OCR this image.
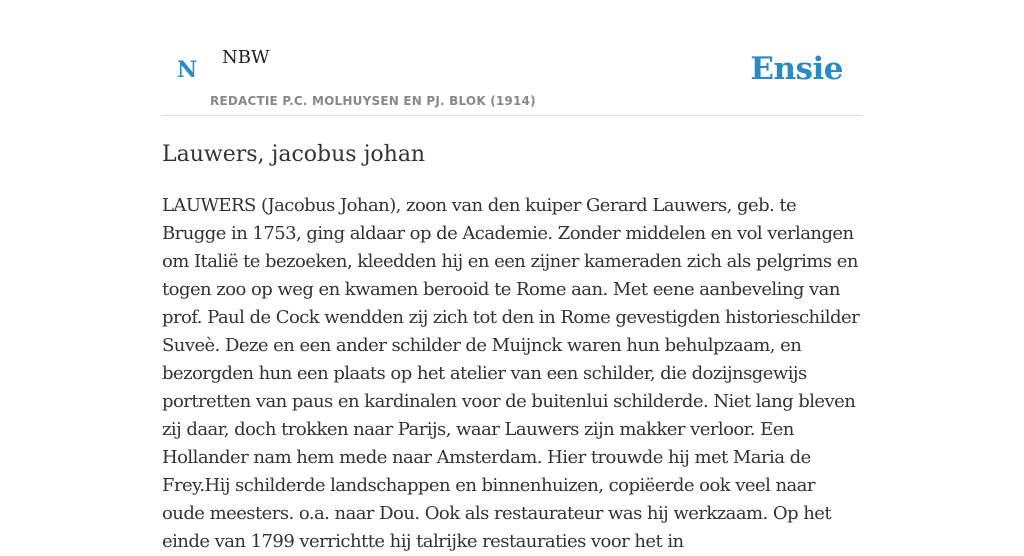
N NBW
REDACTIE P.C. MOLHUYSEN EN PJ. BLOK (1914)
Ensie
Lauwers, jacobus johan

LAUWERS (Jacobus Johan), zoon van den kuiper Gerard Lauwers, geb. te Brugge in 1753, ging aldaar op de Academie. Zonder middelen en vol verlangen om Italië te bezoeken, kleedden hij en een zijner kameraden zich als pelgrims en togen zoo op weg en kwamen berooid te Rome aan. Met eene aanbeveling van prof. Paul de Cock wendden zij zich tot den in Rome gevestigden historieschilder Suveè. Deze en een ander schilder de Muijnck waren hun behulpzaam, en bezorgden hun een plaats op het atelier van een schilder, die dozijnsgewijs portretten van paus en kardinalen voor de buitenlui schilderde. Niet lang bleven zij daar, doch trokken naar Parijs, waar Lauwers zijn makker verloor. Een Hollander nam hem mede naar Amsterdam. Hier trouwde hij met Maria de Frey.Hij schilderde landschappen en binnenhuizen, copiëerde ook veel naar oude meesters. o.a. naar Dou. Ook als restaurateur was hij werkzaam. Op het einde van 1799 verrichtte hij talrijke restauraties voor het in
